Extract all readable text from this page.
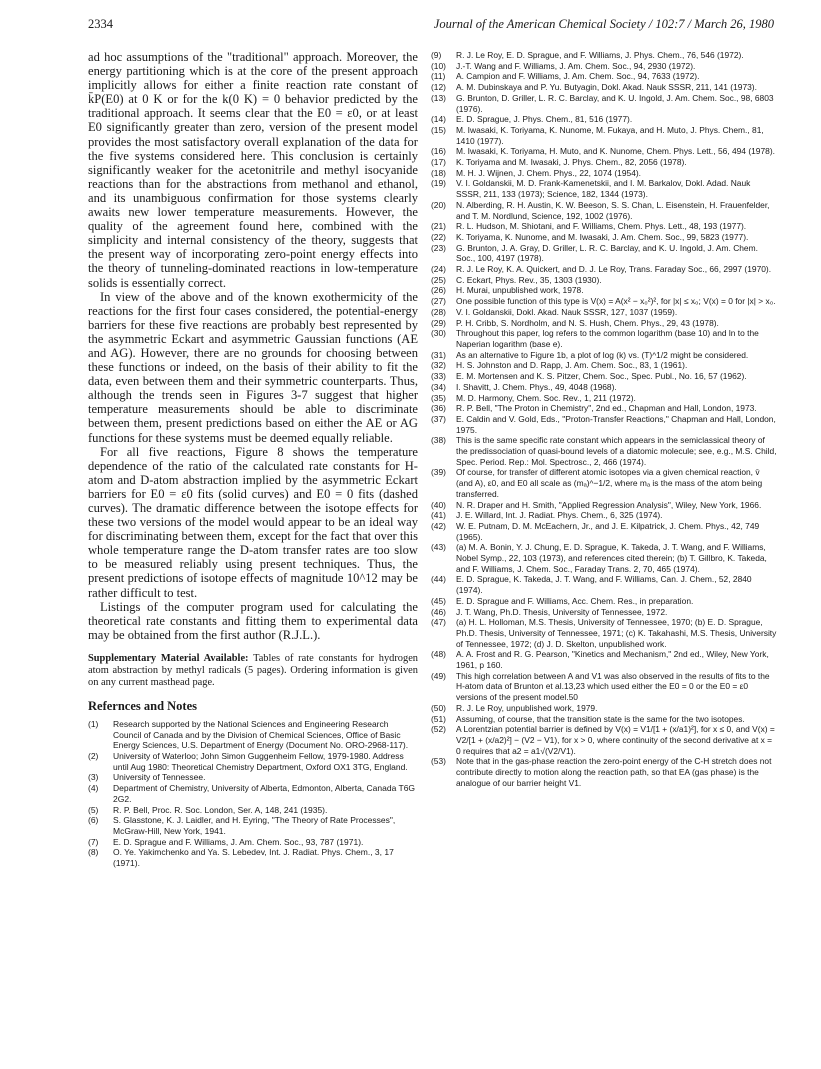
2334	Journal of the American Chemical Society / 102:7 / March 26, 1980

ad hoc assumptions of the "traditional" approach. Moreover, the energy partitioning which is at the core of the present approach implicitly allows for either a finite reaction rate constant of k̄P(E0) at 0 K or for the k(0 K) = 0 behavior predicted by the traditional approach. It seems clear that the E0 = ε0, or at least E0 significantly greater than zero, version of the present model provides the most satisfactory overall explanation of the data for the five systems considered here. This conclusion is certainly significantly weaker for the acetonitrile and methyl isocyanide reactions than for the abstractions from methanol and ethanol, and its unambiguous confirmation for those systems clearly awaits new lower temperature measurements. However, the quality of the agreement found here, combined with the simplicity and internal consistency of the theory, suggests that the present way of incorporating zero-point energy effects into the theory of tunneling-dominated reactions in low-temperature solids is essentially correct.

In view of the above and of the known exothermicity of the reactions for the first four cases considered, the potential-energy barriers for these five reactions are probably best represented by the asymmetric Eckart and asymmetric Gaussian functions (AE and AG). However, there are no grounds for choosing between these functions or indeed, on the basis of their ability to fit the data, even between them and their symmetric counterparts. Thus, although the trends seen in Figures 3-7 suggest that higher temperature measurements should be able to discriminate between them, present predictions based on either the AE or AG functions for these systems must be deemed equally reliable.

For all five reactions, Figure 8 shows the temperature dependence of the ratio of the calculated rate constants for H-atom and D-atom abstraction implied by the asymmetric Eckart barriers for E0 = ε0 fits (solid curves) and E0 = 0 fits (dashed curves). The dramatic difference between the isotope effects for these two versions of the model would appear to be an ideal way for discriminating between them, except for the fact that over this whole temperature range the D-atom transfer rates are too slow to be measured reliably using present techniques. Thus, the present predictions of isotope effects of magnitude 10^12 may be rather difficult to test.

Listings of the computer program used for calculating the theoretical rate constants and fitting them to experimental data may be obtained from the first author (R.J.L.).

Supplementary Material Available: Tables of rate constants for hydrogen atom abstraction by methyl radicals (5 pages). Ordering information is given on any current masthead page.

Refernces and Notes
(1) Research supported by the National Sciences and Engineering Research Council of Canada and by the Division of Chemical Sciences, Office of Basic Energy Sciences, U.S. Department of Energy (Document No. ORO-2968-117).
(2) University of Waterloo; John Simon Guggenheim Fellow, 1979-1980. Address until Aug 1980: Theoretical Chemistry Department, Oxford OX1 3TG, England.
(3) University of Tennessee.
(4) Department of Chemistry, University of Alberta, Edmonton, Alberta, Canada T6G 2G2.
(5) R. P. Bell, Proc. R. Soc. London, Ser. A, 148, 241 (1935).
(6) S. Glasstone, K. J. Laidler, and H. Eyring, "The Theory of Rate Processes", McGraw-Hill, New York, 1941.
(7) E. D. Sprague and F. Williams, J. Am. Chem. Soc., 93, 787 (1971).
(8) O. Ye. Yakimchenko and Ya. S. Lebedev, Int. J. Radiat. Phys. Chem., 3, 17 (1971).
(9) R. J. Le Roy, E. D. Sprague, and F. Williams, J. Phys. Chem., 76, 546 (1972).
(10) J.-T. Wang and F. Williams, J. Am. Chem. Soc., 94, 2930 (1972).
(11) A. Campion and F. Williams, J. Am. Chem. Soc., 94, 7633 (1972).
(12) A. M. Dubinskaya and P. Yu. Butyagin, Dokl. Akad. Nauk SSSR, 211, 141 (1973).
(13) G. Brunton, D. Griller, L. R. C. Barclay, and K. U. Ingold, J. Am. Chem. Soc., 98, 6803 (1976).
(14) E. D. Sprague, J. Phys. Chem., 81, 516 (1977).
(15) M. Iwasaki, K. Toriyama, K. Nunome, M. Fukaya, and H. Muto, J. Phys. Chem., 81, 1410 (1977).
(16) M. Iwasaki, K. Toriyama, H. Muto, and K. Nunome, Chem. Phys. Lett., 56, 494 (1978).
(17) K. Toriyama and M. Iwasaki, J. Phys. Chem., 82, 2056 (1978).
(18) M. H. J. Wijnen, J. Chem. Phys., 22, 1074 (1954).
(19) V. I. Goldanskii, M. D. Frank-Kamenetskii, and I. M. Barkalov, Dokl. Adad. Nauk SSSR, 211, 133 (1973); Science, 182, 1344 (1973).
(20) N. Alberding, R. H. Austin, K. W. Beeson, S. S. Chan, L. Eisenstein, H. Frauenfelder, and T. M. Nordlund, Science, 192, 1002 (1976).
(21) R. L. Hudson, M. Shiotani, and F. Williams, Chem. Phys. Lett., 48, 193 (1977).
(22) K. Toriyama, K. Nunome, and M. Iwasaki, J. Am. Chem. Soc., 99, 5823 (1977).
(23) G. Brunton, J. A. Gray, D. Griller, L. R. C. Barclay, and K. U. Ingold, J. Am. Chem. Soc., 100, 4197 (1978).
(24) R. J. Le Roy, K. A. Quickert, and D. J. Le Roy, Trans. Faraday Soc., 66, 2997 (1970).
(25) C. Eckart, Phys. Rev., 35, 1303 (1930).
(26) H. Murai, unpublished work, 1978.
(27) One possible function of this type is V(x) = A(x² − x₀²)², for |x| ≤ x₀; V(x) = 0 for |x| > x₀.
(28) V. I. Goldanskii, Dokl. Akad. Nauk SSSR, 127, 1037 (1959).
(29) P. H. Cribb, S. Nordholm, and N. S. Hush, Chem. Phys., 29, 43 (1978).
(30) Throughout this paper, log refers to the common logarithm (base 10) and ln to the Naperian logarithm (base e).
(31) As an alternative to Figure 1b, a plot of log (k) vs. (T)^1/2 might be considered.
(32) H. S. Johnston and D. Rapp, J. Am. Chem. Soc., 83, 1 (1961).
(33) E. M. Mortensen and K. S. Pitzer, Chem. Soc., Spec. Publ., No. 16, 57 (1962).
(34) I. Shavitt, J. Chem. Phys., 49, 4048 (1968).
(35) M. D. Harmony, Chem. Soc. Rev., 1, 211 (1972).
(36) R. P. Bell, "The Proton in Chemistry", 2nd ed., Chapman and Hall, London, 1973.
(37) E. Caldin and V. Gold, Eds., "Proton-Transfer Reactions," Chapman and Hall, London, 1975.
(38) This is the same specific rate constant which appears in the semiclassical theory of the predissociation of quasi-bound levels of a diatomic molecule; see, e.g., M.S. Child, Spec. Period. Rep.: Mol. Spectrosc., 2, 466 (1974).
(39) Of course, for transfer of different atomic isotopes via a given chemical reaction, v̄ (and A), ε0, and E0 all scale as (mₐ)^−1/2, where mₐ is the mass of the atom being transferred.
(40) N. R. Draper and H. Smith, "Applied Regression Analysis", Wiley, New York, 1966.
(41) J. E. Willard, Int. J. Radiat. Phys. Chem., 6, 325 (1974).
(42) W. E. Putnam, D. M. McEachern, Jr., and J. E. Kilpatrick, J. Chem. Phys., 42, 749 (1965).
(43) (a) M. A. Bonin, Y. J. Chung, E. D. Sprague, K. Takeda, J. T. Wang, and F. Williams, Nobel Symp., 22, 103 (1973), and references cited therein; (b) T. Gillbro, K. Takeda, and F. Williams, J. Chem. Soc., Faraday Trans. 2, 70, 465 (1974).
(44) E. D. Sprague, K. Takeda, J. T. Wang, and F. Williams, Can. J. Chem., 52, 2840 (1974).
(45) E. D. Sprague and F. Williams, Acc. Chem. Res., in preparation.
(46) J. T. Wang, Ph.D. Thesis, University of Tennessee, 1972.
(47) (a) H. L. Holloman, M.S. Thesis, University of Tennessee, 1970; (b) E. D. Sprague, Ph.D. Thesis, University of Tennessee, 1971; (c) K. Takahashi, M.S. Thesis, University of Tennessee, 1972; (d) J. D. Skelton, unpublished work.
(48) A. A. Frost and R. G. Pearson, "Kinetics and Mechanism," 2nd ed., Wiley, New York, 1961, p 160.
(49) This high correlation between A and V1 was also observed in the results of fits to the H-atom data of Brunton et al.13,23 which used either the E0 = 0 or the E0 = ε0 versions of the present model.50
(50) R. J. Le Roy, unpublished work, 1979.
(51) Assuming, of course, that the transition state is the same for the two isotopes.
(52) A Lorentzian potential barrier is defined by V(x) = V1/[1 + (x/a1)²], for x ≤ 0, and V(x) = V2/[1 + (x/a2)²] − (V2 − V1), for x > 0, where continuity of the second derivative at x = 0 requires that a2 = a1√(V2/V1).
(53) Note that in the gas-phase reaction the zero-point energy of the C-H stretch does not contribute directly to motion along the reaction path, so that EA (gas phase) is the analogue of our barrier height V1.
